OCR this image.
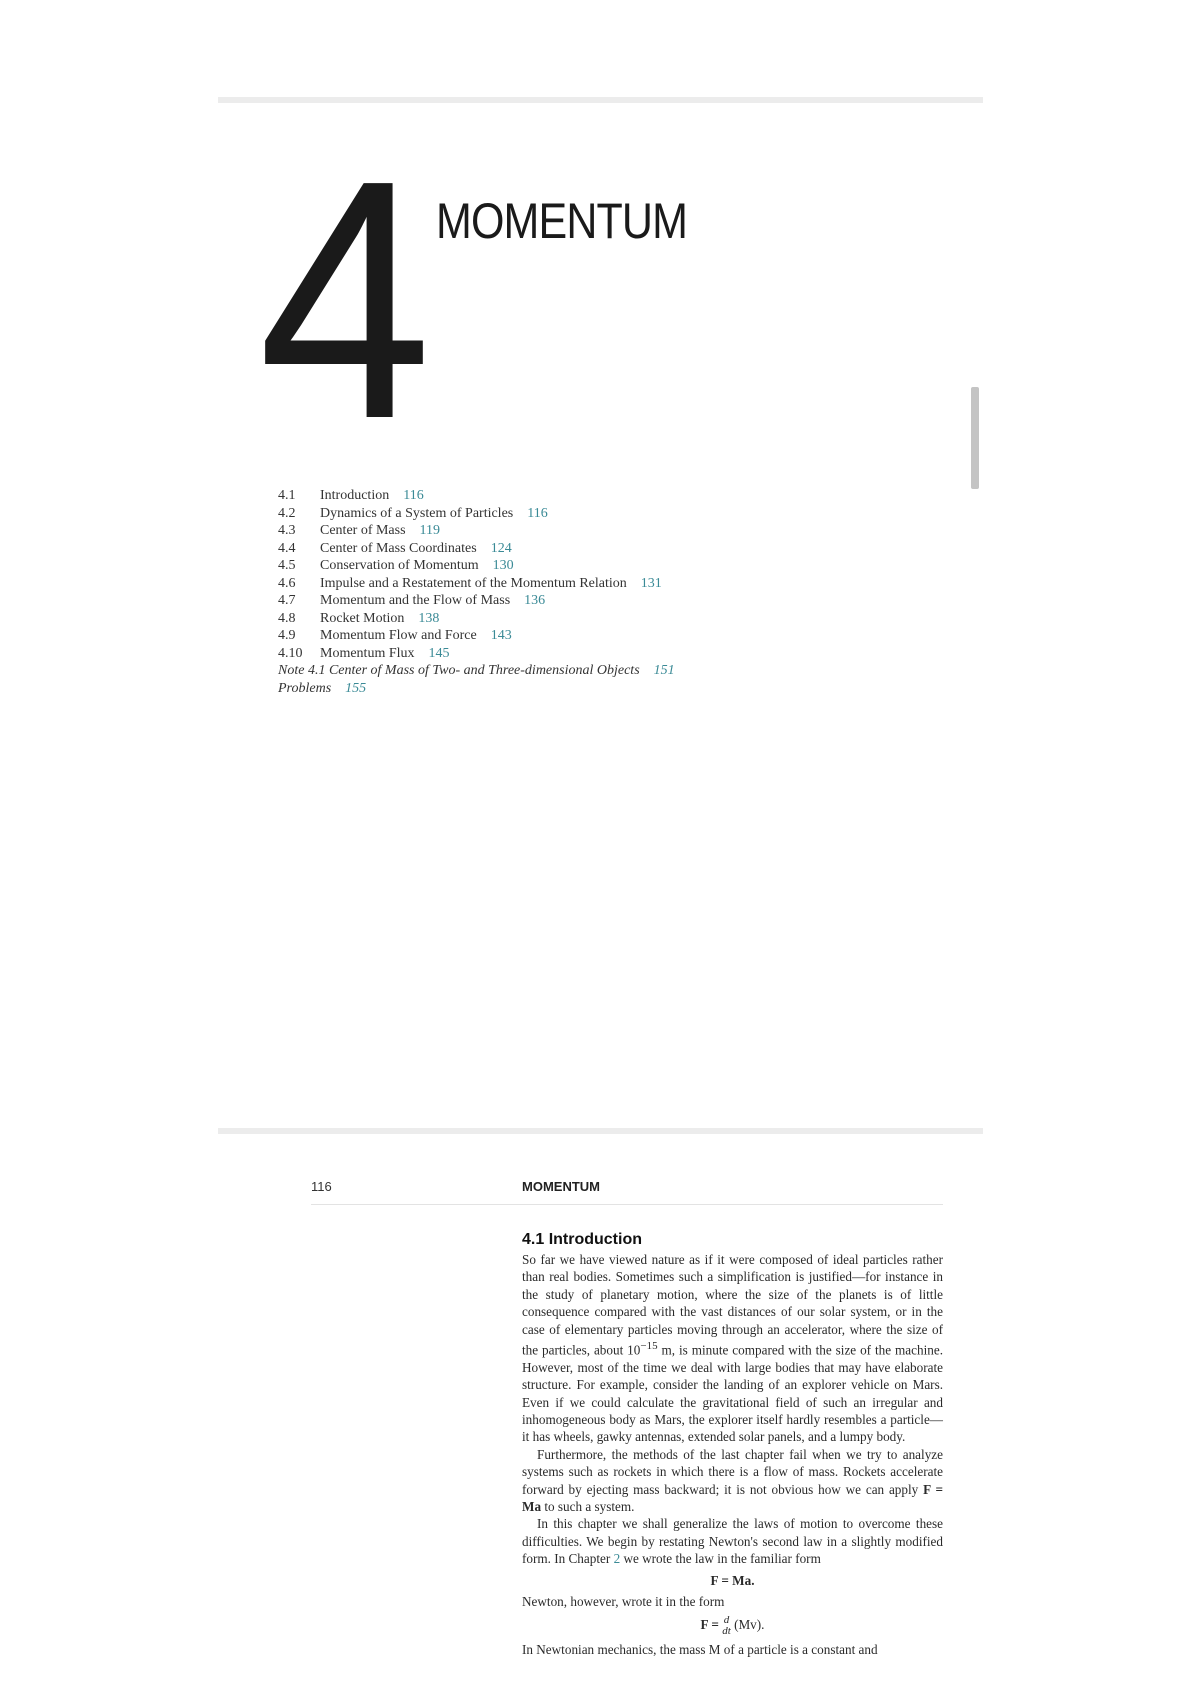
4 MOMENTUM
4.1 Introduction 116
4.2 Dynamics of a System of Particles 116
4.3 Center of Mass 119
4.4 Center of Mass Coordinates 124
4.5 Conservation of Momentum 130
4.6 Impulse and a Restatement of the Momentum Relation 131
4.7 Momentum and the Flow of Mass 136
4.8 Rocket Motion 138
4.9 Momentum Flow and Force 143
4.10 Momentum Flux 145
Note 4.1 Center of Mass of Two- and Three-dimensional Objects 151
Problems 155
116	MOMENTUM
4.1 Introduction

So far we have viewed nature as if it were composed of ideal particles rather than real bodies. Sometimes such a simplification is justified—for instance in the study of planetary motion, where the size of the planets is of little consequence compared with the vast distances of our solar system, or in the case of elementary particles moving through an accelerator, where the size of the particles, about $10^{-15}$ m, is minute compared with the size of the machine. However, most of the time we deal with large bodies that may have elaborate structure. For example, consider the landing of an explorer vehicle on Mars. Even if we could calculate the gravitational field of such an irregular and inhomogeneous body as Mars, the explorer itself hardly resembles a particle—it has wheels, gawky antennas, extended solar panels, and a lumpy body.

Furthermore, the methods of the last chapter fail when we try to analyze systems such as rockets in which there is a flow of mass. Rockets accelerate forward by ejecting mass backward; it is not obvious how we can apply F = Ma to such a system.

In this chapter we shall generalize the laws of motion to overcome these difficulties. We begin by restating Newton's second law in a slightly modified form. In Chapter 2 we wrote the law in the familiar form

F = Ma.

Newton, however, wrote it in the form

F = d
dt (Mv).

In Newtonian mechanics, the mass M of a particle is a constant and
